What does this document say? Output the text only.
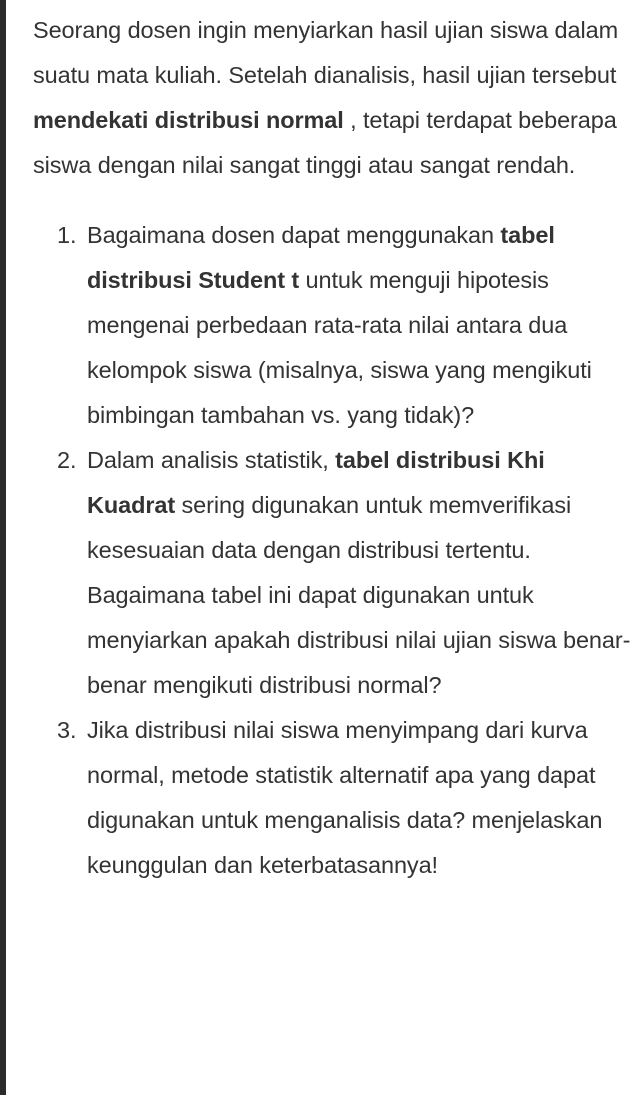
Seorang dosen ingin menyiarkan hasil ujian siswa dalam suatu mata kuliah. Setelah dianalisis, hasil ujian tersebut mendekati distribusi normal , tetapi terdapat beberapa siswa dengan nilai sangat tinggi atau sangat rendah.

1. Bagaimana dosen dapat menggunakan tabel distribusi Student t untuk menguji hipotesis mengenai perbedaan rata-rata nilai antara dua kelompok siswa (misalnya, siswa yang mengikuti bimbingan tambahan vs. yang tidak)?
2. Dalam analisis statistik, tabel distribusi Khi Kuadrat sering digunakan untuk memverifikasi kesesuaian data dengan distribusi tertentu. Bagaimana tabel ini dapat digunakan untuk menyiarkan apakah distribusi nilai ujian siswa benar-benar mengikuti distribusi normal?
3. Jika distribusi nilai siswa menyimpang dari kurva normal, metode statistik alternatif apa yang dapat digunakan untuk menganalisis data? menjelaskan keunggulan dan keterbatasannya!
